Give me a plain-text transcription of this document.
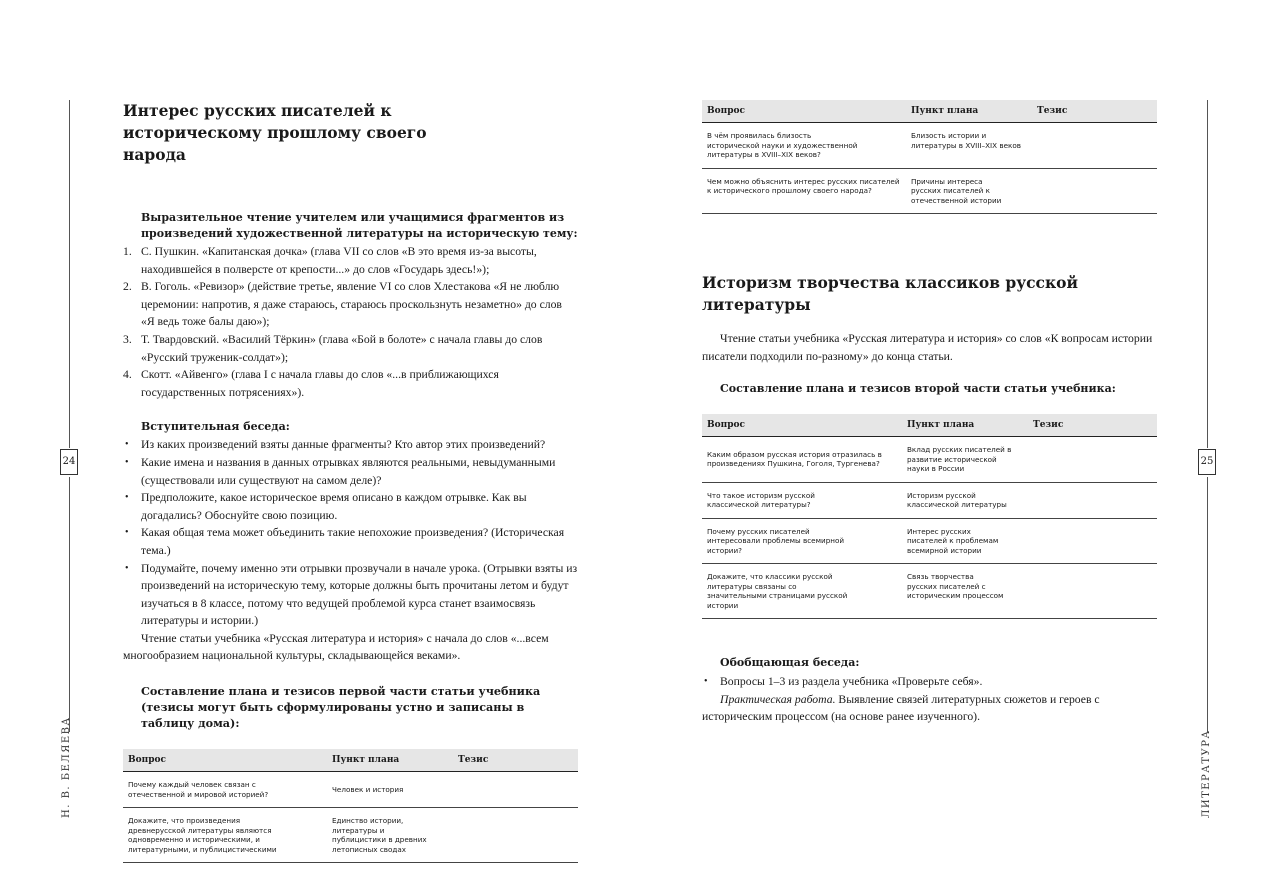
24
Н. В. БЕЛЯЕВА
Интерес русских писателей к историческому прошлому своего народа
Выразительное чтение учителем или учащимися фрагментов из произведений художественной литературы на историческую тему:
1. С. Пушкин. «Капитанская дочка» (глава VII со слов «В это время из-за высоты, находившейся в полверсте от крепости...» до слов «Государь здесь!»);
2. В. Гоголь. «Ревизор» (действие третье, явление VI со слов Хлестакова «Я не люблю церемонии: напротив, я даже стараюсь, стараюсь проскользнуть незаметно» до слов «Я ведь тоже балы даю»);
3. Т. Твардовский. «Василий Тёркин» (глава «Бой в болоте» с начала главы до слов «Русский труженик-солдат»);
4. Скотт. «Айвенго» (глава I с начала главы до слов «...в приближающихся государственных потрясениях»).
Вступительная беседа:
• Из каких произведений взяты данные фрагменты? Кто автор этих произведений?
• Какие имена и названия в данных отрывках являются реальными, невыдуманными (существовали или существуют на самом деле)?
• Предположите, какое историческое время описано в каждом отрывке. Как вы догадались? Обоснуйте свою позицию.
• Какая общая тема может объединить такие непохожие произведения? (Историческая тема.)
• Подумайте, почему именно эти отрывки прозвучали в начале урока. (Отрывки взяты из произведений на историческую тему, которые должны быть прочитаны летом и будут изучаться в 8 классе, потому что ведущей проблемой курса станет взаимосвязь литературы и истории.)

Чтение статьи учебника «Русская литература и история» с начала до слов «...всем многообразием национальной культуры, складывающейся веками».

Составление плана и тезисов первой части статьи учебника (тезисы могут быть сформулированы устно и записаны в таблицу дома):
Вопрос	Пункт плана	Тезис
Почему каждый человек связан с отечественной и мировой историей?	Человек и история	
Докажите, что произведения древнерусской литературы являются одновременно и историческими, и литературными, и публицистическими	Единство истории, литературы и публицистики в древних летописных сводах	
25
ЛИТЕРАТУРА
Вопрос	Пункт плана	Тезис
В чём проявилась близость исторической науки и художественной литературы в XVIII–XIX веков?	Близость истории и литературы в XVIII–XIX веков	
Чем можно объяснить интерес русских писателей к исторического прошлому своего народа?	Причины интереса русских писателей к отечественной истории	
Историзм творчества классиков русской литературы

Чтение статьи учебника «Русская литература и история» со слов «К вопросам истории писатели подходили по-разному» до конца статьи.

Составление плана и тезисов второй части статьи учебника:
Вопрос	Пункт плана	Тезис
Каким образом русская история отразилась в произведениях Пушкина, Гоголя, Тургенева?	Вклад русских писателей в развитие исторической науки в России	
Что такое историзм русской классической литературы?	Историзм русской классической литературы	
Почему русских писателей интересовали проблемы всемирной истории?	Интерес русских писателей к проблемам всемирной истории	
Докажите, что классики русской литературы связаны со значительными страницами русской истории	Связь творчества русских писателей с историческим процессом	
Обобщающая беседа:
• Вопросы 1–3 из раздела учебника «Проверьте себя».

Практическая работа. Выявление связей литературных сюжетов и героев с историческим процессом (на основе ранее изученного).
